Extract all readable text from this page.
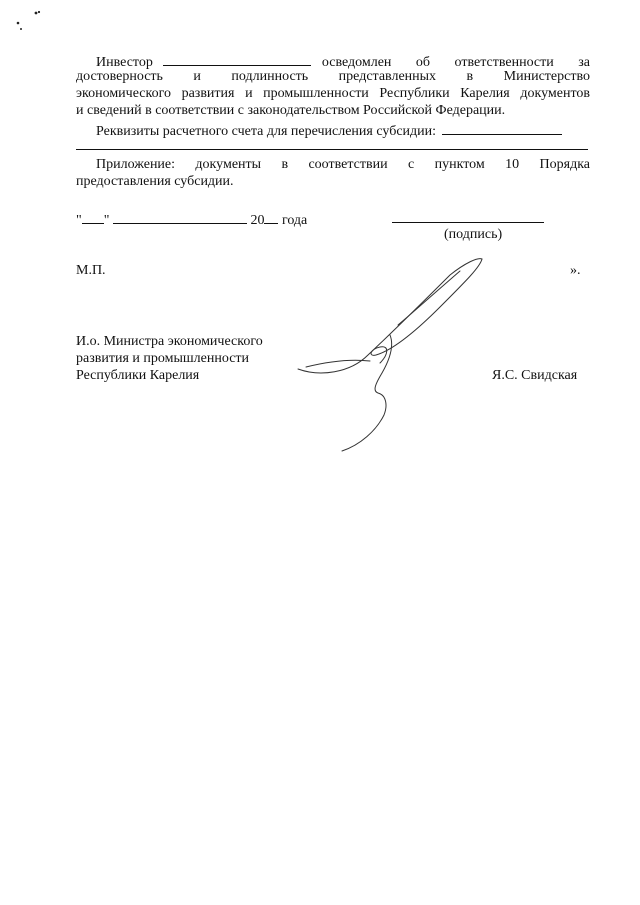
Инвестор	осведомлен об ответственности за
достоверность и подлинность представленных в Министерство
экономического развития и промышленности Республики Карелия документов
и сведений в соответствии с законодательством Российской Федерации.
Реквизиты расчетного счета для перечисления субсидии:
Приложение: документы в соответствии с пунктом 10 Порядка
предоставления субсидии.
" "	20 года
(подпись)
М.П.	».
И.о. Министра экономического
развития и промышленности
Республики Карелия	Я.С. Свидская
